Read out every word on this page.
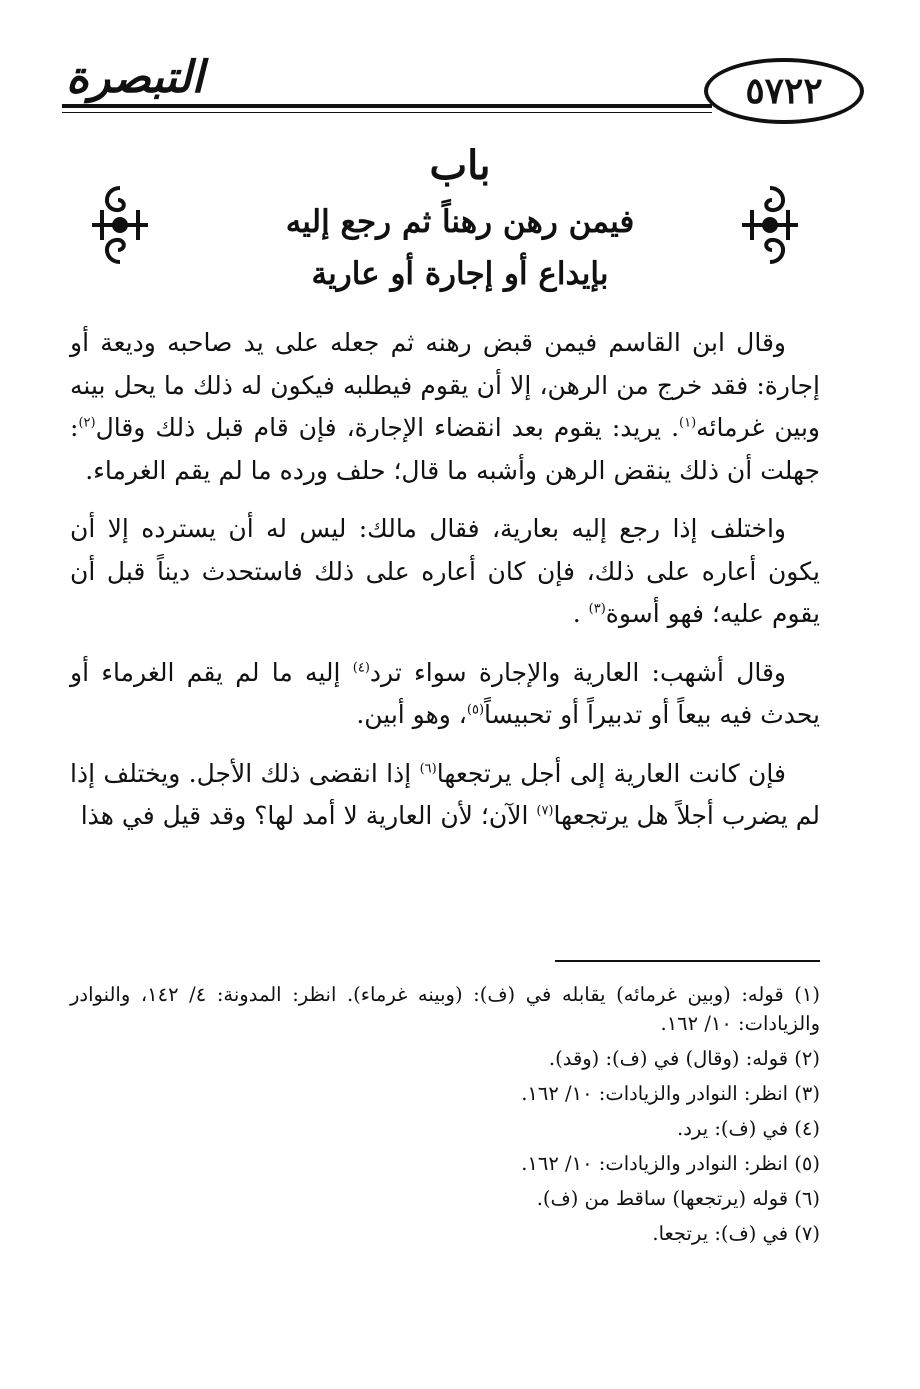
التبصرة	٥٧٢٢
باب
فيمن رهن رهناً ثم رجع إليه
بإيداع أو إجارة أو عارية

وقال ابن القاسم فيمن قبض رهنه ثم جعله على يد صاحبه وديعة أو إجارة: فقد خرج من الرهن، إلا أن يقوم فيطلبه فيكون له ذلك ما يحل بينه وبين غرمائه$^{(١)}$. يريد: يقوم بعد انقضاء الإجارة، فإن قام قبل ذلك وقال$^{(٢)}$: جهلت أن ذلك ينقض الرهن وأشبه ما قال؛ حلف ورده ما لم يقم الغرماء.

واختلف إذا رجع إليه بعارية، فقال مالك: ليس له أن يسترده إلا أن يكون أعاره على ذلك، فإن كان أعاره على ذلك فاستحدث ديناً قبل أن يقوم عليه؛ فهو أسوة$^{(٣)}$ .

وقال أشهب: العارية والإجارة سواء ترد$^{(٤)}$ إليه ما لم يقم الغرماء أو يحدث فيه بيعاً أو تدبيراً أو تحبيساً$^{(٥)}$، وهو أبين.

فإن كانت العارية إلى أجل يرتجعها$^{(٦)}$ إذا انقضى ذلك الأجل. ويختلف إذا لم يضرب أجلاً هل يرتجعها$^{(٧)}$ الآن؛ لأن العارية لا أمد لها؟ وقد قيل في هذا

(١) قوله: (وبين غرمائه) يقابله في (ف): (وبينه غرماء). انظر: المدونة: ٤/ ١٤٢، والنوادر والزيادات: ١٠/ ١٦٢.

(٢) قوله: (وقال) في (ف): (وقد).

(٣) انظر: النوادر والزيادات: ١٠/ ١٦٢.

(٤) في (ف): يرد.

(٥) انظر: النوادر والزيادات: ١٠/ ١٦٢.

(٦) قوله (يرتجعها) ساقط من (ف).

(٧) في (ف): يرتجعا.
